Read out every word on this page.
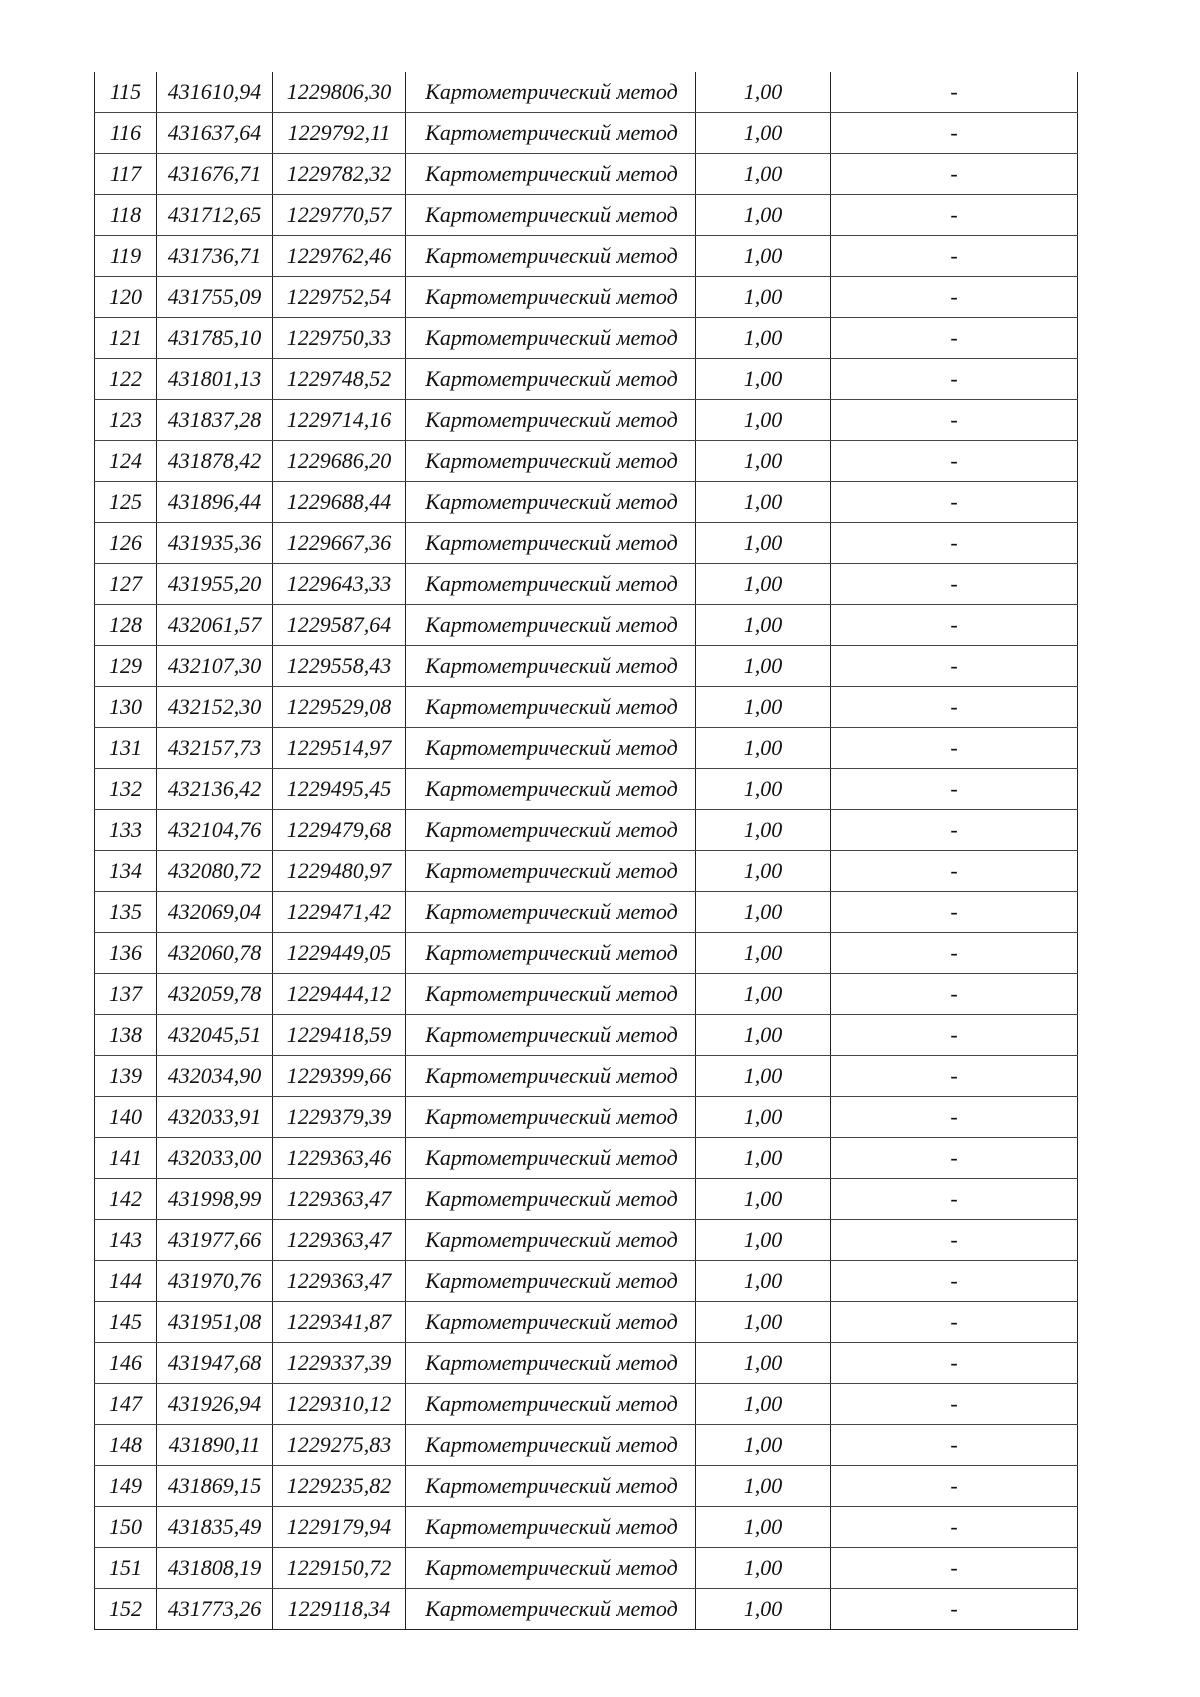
115	431610,94	1229806,30	Картометрический метод	1,00	-
116	431637,64	1229792,11	Картометрический метод	1,00	-
117	431676,71	1229782,32	Картометрический метод	1,00	-
118	431712,65	1229770,57	Картометрический метод	1,00	-
119	431736,71	1229762,46	Картометрический метод	1,00	-
120	431755,09	1229752,54	Картометрический метод	1,00	-
121	431785,10	1229750,33	Картометрический метод	1,00	-
122	431801,13	1229748,52	Картометрический метод	1,00	-
123	431837,28	1229714,16	Картометрический метод	1,00	-
124	431878,42	1229686,20	Картометрический метод	1,00	-
125	431896,44	1229688,44	Картометрический метод	1,00	-
126	431935,36	1229667,36	Картометрический метод	1,00	-
127	431955,20	1229643,33	Картометрический метод	1,00	-
128	432061,57	1229587,64	Картометрический метод	1,00	-
129	432107,30	1229558,43	Картометрический метод	1,00	-
130	432152,30	1229529,08	Картометрический метод	1,00	-
131	432157,73	1229514,97	Картометрический метод	1,00	-
132	432136,42	1229495,45	Картометрический метод	1,00	-
133	432104,76	1229479,68	Картометрический метод	1,00	-
134	432080,72	1229480,97	Картометрический метод	1,00	-
135	432069,04	1229471,42	Картометрический метод	1,00	-
136	432060,78	1229449,05	Картометрический метод	1,00	-
137	432059,78	1229444,12	Картометрический метод	1,00	-
138	432045,51	1229418,59	Картометрический метод	1,00	-
139	432034,90	1229399,66	Картометрический метод	1,00	-
140	432033,91	1229379,39	Картометрический метод	1,00	-
141	432033,00	1229363,46	Картометрический метод	1,00	-
142	431998,99	1229363,47	Картометрический метод	1,00	-
143	431977,66	1229363,47	Картометрический метод	1,00	-
144	431970,76	1229363,47	Картометрический метод	1,00	-
145	431951,08	1229341,87	Картометрический метод	1,00	-
146	431947,68	1229337,39	Картометрический метод	1,00	-
147	431926,94	1229310,12	Картометрический метод	1,00	-
148	431890,11	1229275,83	Картометрический метод	1,00	-
149	431869,15	1229235,82	Картометрический метод	1,00	-
150	431835,49	1229179,94	Картометрический метод	1,00	-
151	431808,19	1229150,72	Картометрический метод	1,00	-
152	431773,26	1229118,34	Картометрический метод	1,00	-
